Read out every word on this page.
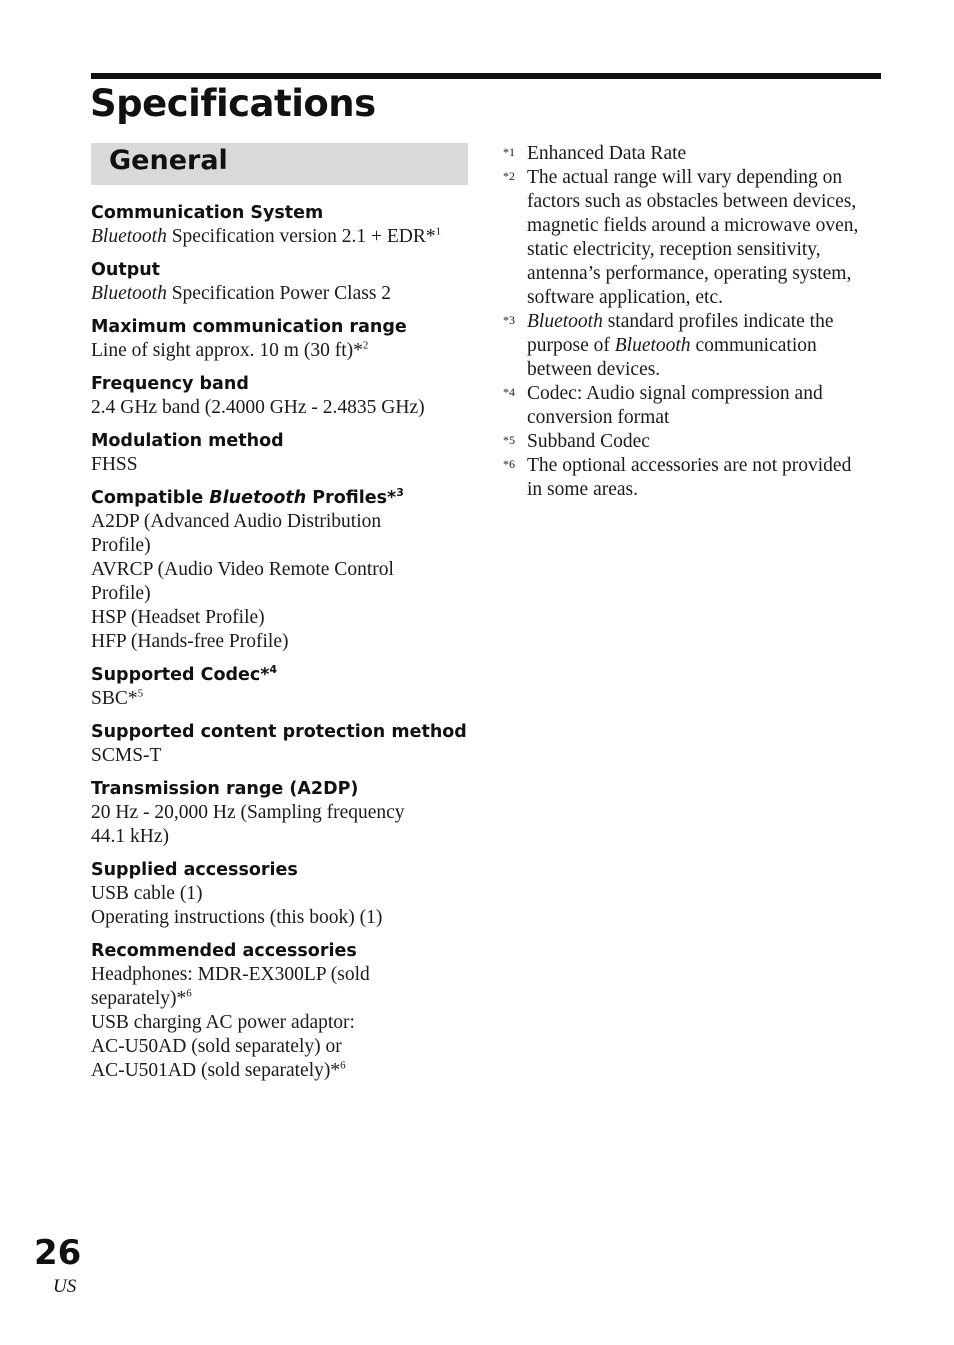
Specifications
General
Communication System
Bluetooth Specification version 2.1 + EDR*$^1$
Output
Bluetooth Specification Power Class 2
Maximum communication range
Line of sight approx. 10 m (30 ft)*$^2$
Frequency band
2.4 GHz band (2.4000 GHz - 2.4835 GHz)
Modulation method
FHSS
Compatible Bluetooth Profiles*$^3$
A2DP (Advanced Audio Distribution
Profile)
AVRCP (Audio Video Remote Control
Profile)
HSP (Headset Profile)
HFP (Hands-free Profile)
Supported Codec*$^4$
SBC*$^5$
Supported content protection method
SCMS-T
Transmission range (A2DP)
20 Hz - 20,000 Hz (Sampling frequency
44.1 kHz)
Supplied accessories
USB cable (1)
Operating instructions (this book) (1)
Recommended accessories
Headphones: MDR-EX300LP (sold
separately)*$^6$
USB charging AC power adaptor:
AC-U50AD (sold separately) or
AC-U501AD (sold separately)*$^6$
*1 Enhanced Data Rate
*2 The actual range will vary depending on
factors such as obstacles between devices,
magnetic fields around a microwave oven,
static electricity, reception sensitivity,
antenna’s performance, operating system,
software application, etc.
*3 Bluetooth standard profiles indicate the
purpose of Bluetooth communication
between devices.
*4 Codec: Audio signal compression and
conversion format
*5 Subband Codec
*6 The optional accessories are not provided
in some areas.
26
US
